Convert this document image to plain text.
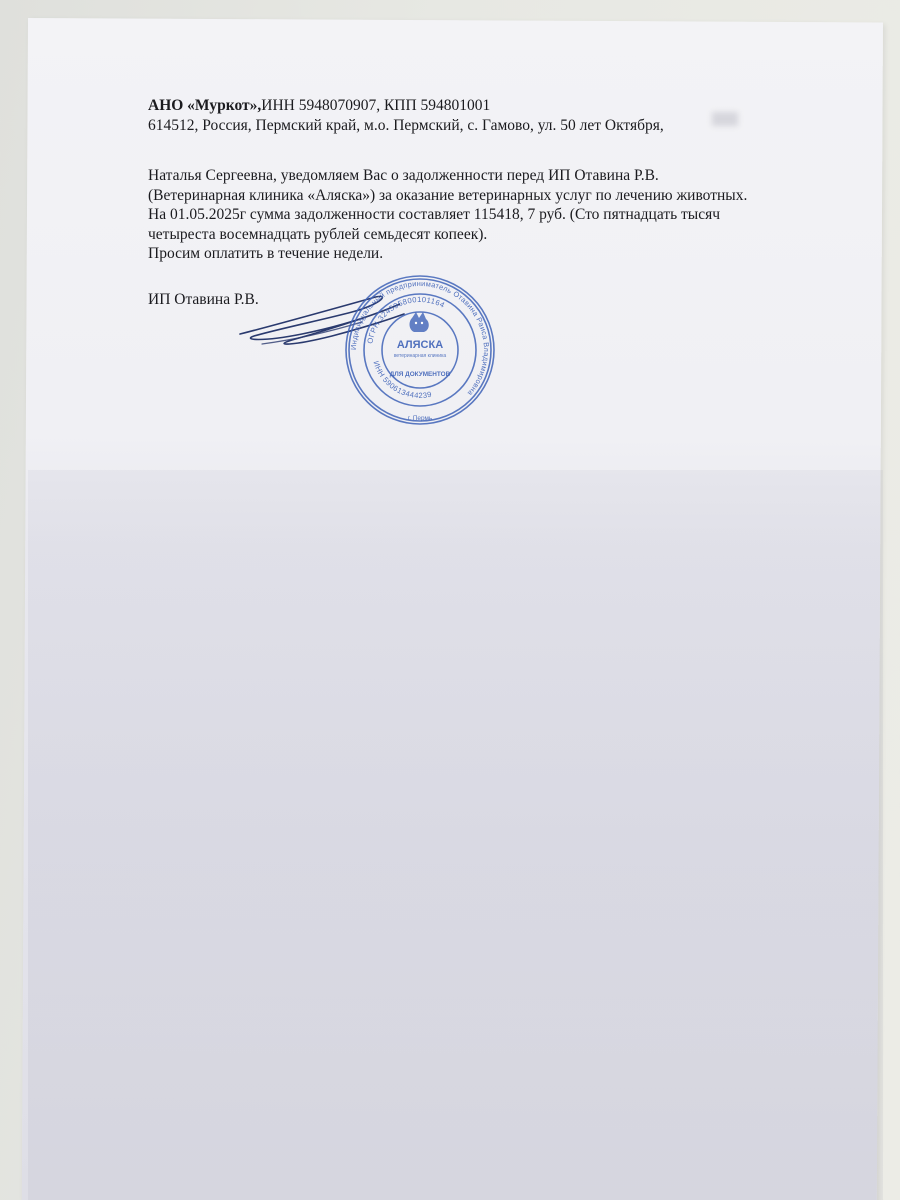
АНО «Муркот»,ИНН 5948070907, КПП 594801001
614512, Россия, Пермский край, м.о. Пермский, с. Гамово, ул. 50 лет Октября,
Наталья Сергеевна, уведомляем Вас о задолженности перед ИП Отавина Р.В.
(Ветеринарная клиника «Аляска») за оказание ветеринарных услуг по лечению животных.
На 01.05.2025г сумма задолженности составляет 115418, 7 руб. (Сто пятнадцать тысяч
четыреста восемнадцать рублей семьдесят копеек).
Просим оплатить в течение недели.
ИП Отавина Р.В.
Индивидуальный предприниматель Отавина Раиса Владимировна
ОГРН 324595800101164
ИНН 590613444239
АЛЯСКА
ветеринарная клиника
ДЛЯ ДОКУМЕНТОВ
г. Пермь
